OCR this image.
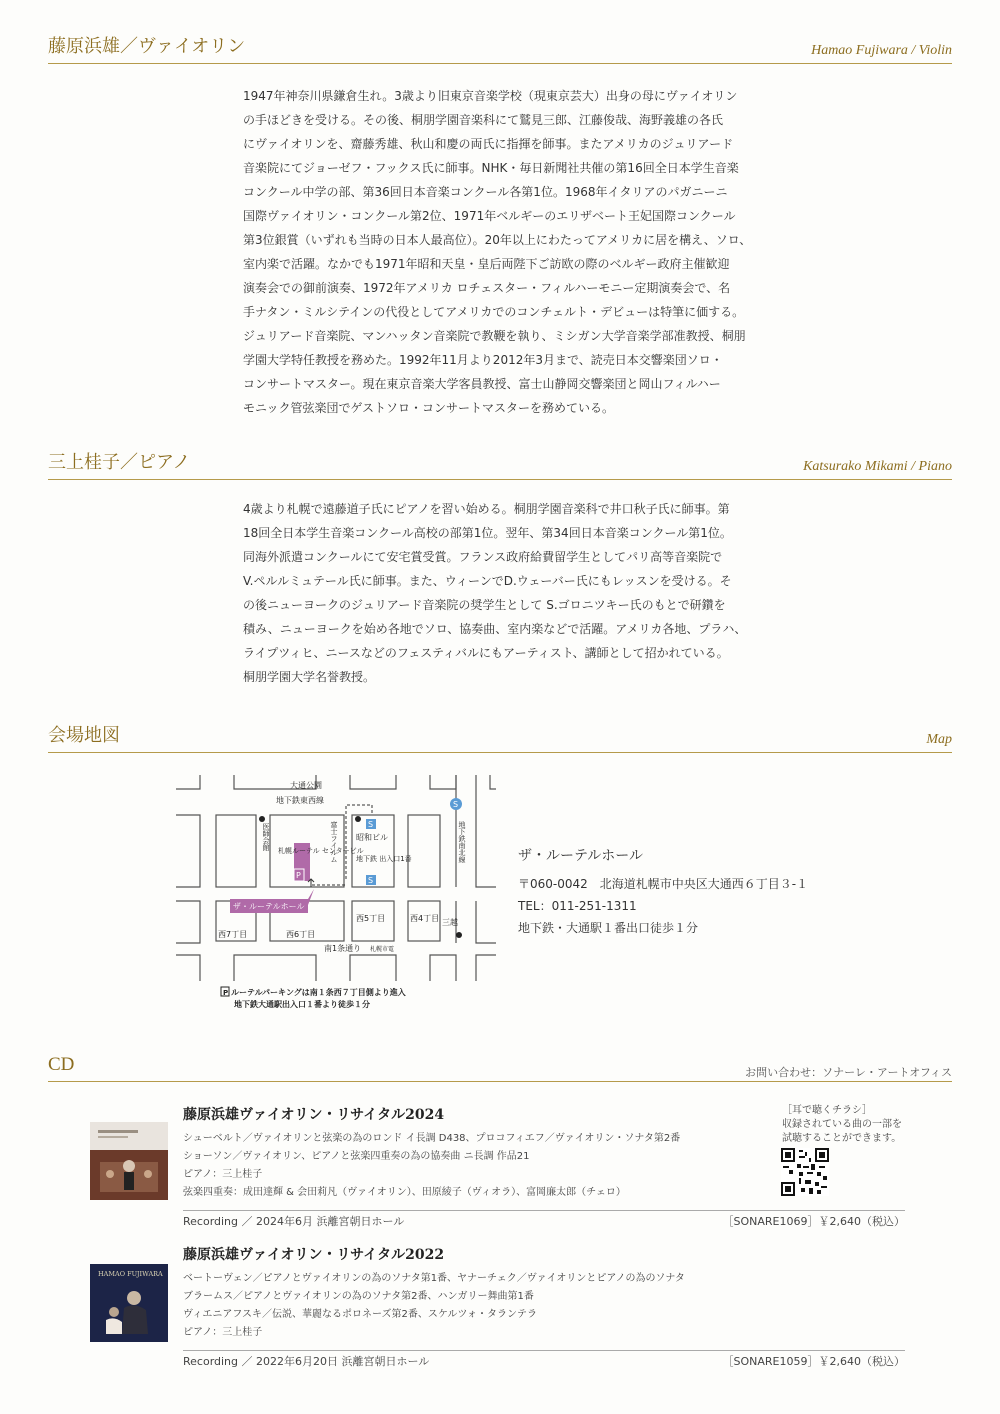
藤原浜雄／ヴァイオリン	Hamao Fujiwara / Violin

1947年神奈川県鎌倉生れ。3歳より旧東京音楽学校（現東京芸大）出身の母にヴァイオリン

の手ほどきを受ける。その後、桐朋学園音楽科にて鷲見三郎、江藤俊哉、海野義雄の各氏

にヴァイオリンを、齋藤秀雄、秋山和慶の両氏に指揮を師事。またアメリカのジュリアード

音楽院にてジョーゼフ・フックス氏に師事。NHK・毎日新聞社共催の第16回全日本学生音楽

コンクール中学の部、第36回日本音楽コンクール各第1位。1968年イタリアのパガニーニ

国際ヴァイオリン・コンクール第2位、1971年ベルギーのエリザベート王妃国際コンクール

第3位銀賞（いずれも当時の日本人最高位）。20年以上にわたってアメリカに居を構え、ソロ、

室内楽で活躍。なかでも1971年昭和天皇・皇后両陛下ご訪欧の際のベルギー政府主催歓迎

演奏会での御前演奏、1972年アメリカ ロチェスター・フィルハーモニー定期演奏会で、名

手ナタン・ミルシテインの代役としてアメリカでのコンチェルト・デビューは特筆に価する。

ジュリアード音楽院、マンハッタン音楽院で教鞭を執り、ミシガン大学音楽学部准教授、桐朋

学園大学特任教授を務めた。1992年11月より2012年3月まで、読売日本交響楽団ソロ・

コンサートマスター。現在東京音楽大学客員教授、富士山静岡交響楽団と岡山フィルハー

モニック管弦楽団でゲストソロ・コンサートマスターを務めている。

三上桂子／ピアノ	Katsurako Mikami / Piano

4歳より札幌で遠藤道子氏にピアノを習い始める。桐朋学園音楽科で井口秋子氏に師事。第

18回全日本学生音楽コンクール高校の部第1位。翌年、第34回日本音楽コンクール第1位。

同海外派遣コンクールにて安宅賞受賞。フランス政府給費留学生としてパリ高等音楽院で

V.ペルルミュテール氏に師事。また、ウィーンでD.ウェーバー氏にもレッスンを受ける。そ

の後ニューヨークのジュリアード音楽院の奨学生として S.ゴロニツキー氏のもとで研鑽を

積み、ニューヨークを始め各地でソロ、協奏曲、室内楽などで活躍。アメリカ各地、プラハ、

ライプツィヒ、ニースなどのフェスティバルにもアーティスト、講師として招かれている。

桐朋学園大学名誉教授。

会場地図	Map
P
ザ・ルーテルホール
S
S
S
大通公園
地下鉄東西線
三越
昭和ビル
西5丁目	西4丁目
西7丁目	西6丁目
南1条通り 札幌市電
札幌ルーテル センタービル
地下鉄 出入口1番
医師会館	富士フイルム	地下鉄南北線
P ルーテルパーキングは南１条西７丁目側より進入
地下鉄大通駅出入口１番より徒歩１分
ザ・ルーテルホール
〒060‐0042　北海道札幌市中央区大通西６丁目３‐１
TEL：011‐251‐1311
地下鉄・大通駅１番出口徒歩１分
CD	お問い合わせ：ソナーレ・アートオフィス
藤原浜雄ヴァイオリン・リサイタル2024
シューベルト／ヴァイオリンと弦楽の為のロンド イ長調 D438、プロコフィエフ／ヴァイオリン・ソナタ第2番
ショーソン／ヴァイオリン、ピアノと弦楽四重奏の為の協奏曲 ニ長調 作品21
ピアノ：三上桂子
弦楽四重奏：成田達輝 & 会田莉凡（ヴァイオリン）、田原綾子（ヴィオラ）、富岡廉太郎（チェロ）
［耳で聴くチラシ］
収録されている曲の一部を
試聴することができます。
Recording ／ 2024年6月 浜離宮朝日ホール	［SONARE1069］￥2,640（税込）
HAMAO FUJIWARA
藤原浜雄ヴァイオリン・リサイタル2022
ベートーヴェン／ピアノとヴァイオリンの為のソナタ第1番、ヤナーチェク／ヴァイオリンとピアノの為のソナタ
ブラームス／ピアノとヴァイオリンの為のソナタ第2番、ハンガリー舞曲第1番
ヴィエニアフスキ／伝説、華麗なるポロネーズ第2番、スケルツォ・タランテラ
ピアノ：三上桂子
Recording ／ 2022年6月20日 浜離宮朝日ホール	［SONARE1059］￥2,640（税込）
